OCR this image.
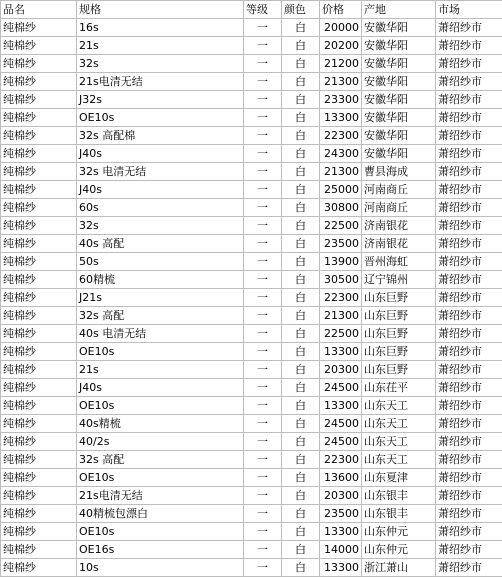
品名	规格	等级	颜色	价格	产地	市场
纯棉纱	16s	一	白	20000	安徽华阳	萧绍纱市
纯棉纱	21s	一	白	20200	安徽华阳	萧绍纱市
纯棉纱	32s	一	白	21200	安徽华阳	萧绍纱市
纯棉纱	21s电清无结	一	白	21300	安徽华阳	萧绍纱市
纯棉纱	J32s	一	白	23300	安徽华阳	萧绍纱市
纯棉纱	OE10s	一	白	13300	安徽华阳	萧绍纱市
纯棉纱	32s 高配棉	一	白	22300	安徽华阳	萧绍纱市
纯棉纱	J40s	一	白	24300	安徽华阳	萧绍纱市
纯棉纱	32s 电清无结	一	白	21300	曹县海成	萧绍纱市
纯棉纱	J40s	一	白	25000	河南商丘	萧绍纱市
纯棉纱	60s	一	白	30800	河南商丘	萧绍纱市
纯棉纱	32s	一	白	22500	济南银花	萧绍纱市
纯棉纱	40s 高配	一	白	23500	济南银花	萧绍纱市
纯棉纱	50s	一	白	13900	晋州海虹	萧绍纱市
纯棉纱	60精梳	一	白	30500	辽宁锦州	萧绍纱市
纯棉纱	J21s	一	白	22300	山东巨野	萧绍纱市
纯棉纱	32s 高配	一	白	21300	山东巨野	萧绍纱市
纯棉纱	40s 电清无结	一	白	22500	山东巨野	萧绍纱市
纯棉纱	OE10s	一	白	13300	山东巨野	萧绍纱市
纯棉纱	21s	一	白	20300	山东巨野	萧绍纱市
纯棉纱	J40s	一	白	24500	山东茌平	萧绍纱市
纯棉纱	OE10s	一	白	13300	山东天工	萧绍纱市
纯棉纱	40s精梳	一	白	24500	山东天工	萧绍纱市
纯棉纱	40/2s	一	白	24500	山东天工	萧绍纱市
纯棉纱	32s 高配	一	白	22300	山东天工	萧绍纱市
纯棉纱	OE10s	一	白	13600	山东夏津	萧绍纱市
纯棉纱	21s电清无结	一	白	20300	山东银丰	萧绍纱市
纯棉纱	40精梳包漂白	一	白	23500	山东银丰	萧绍纱市
纯棉纱	OE10s	一	白	13300	山东仲元	萧绍纱市
纯棉纱	OE16s	一	白	14000	山东仲元	萧绍纱市
纯棉纱	10s	一	白	13300	浙江萧山	萧绍纱市
